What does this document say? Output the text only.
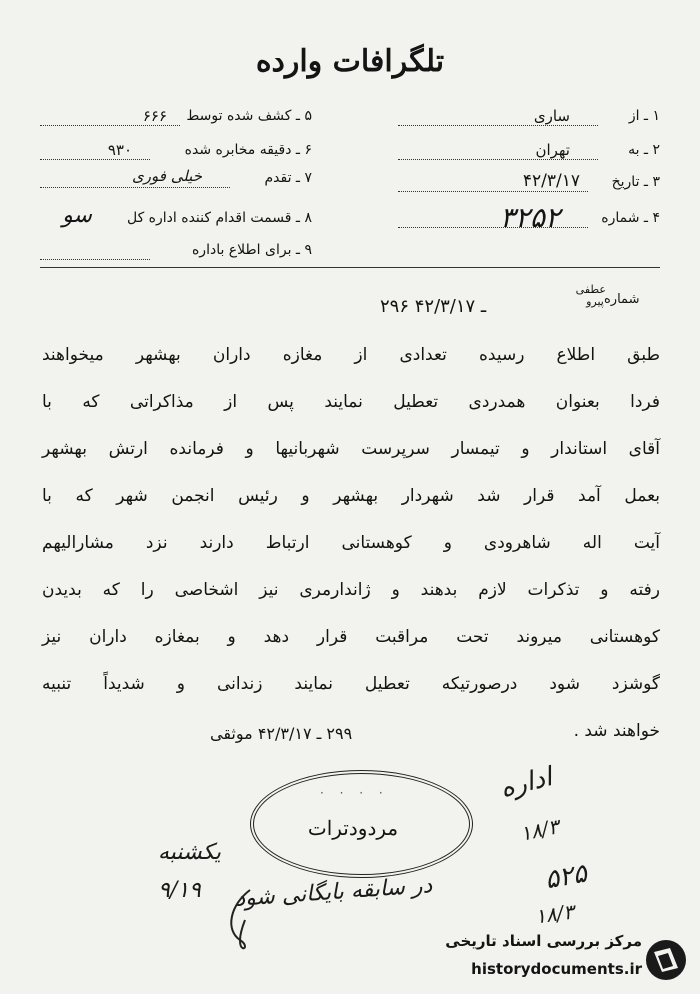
تلگرافات وارده
۱ ـ از
ساری
۲ ـ به
تهران
۳ ـ تاریخ
۴۲/۳/۱۷
۴ ـ شماره
۳۲۵۲
۵ ـ کشف شده توسط
۶۶۶
۶ ـ دقیقه مخابره شده
۹۳۰
۷ ـ تقدم
خیلی فوری
۸ ـ قسمت اقدام کننده اداره کل
سو
۹ ـ برای اطلاع باداره
شماره
عطفی پیرو
۲۹۶ ـ ۴۲/۳/۱۷
طبق اطلاع رسیده تعدادی از مغازه داران بهشهر میخواهند
فردا بعنوان همدردی تعطیل نمایند پس از مذاکراتی که با
آقای استاندار و تیمسار سرپرست شهربانیها و فرمانده ارتش بهشهر
بعمل آمد قرار شد شهردار بهشهر و رئیس انجمن شهر که با
آیت اله شاهرودی و کوهستانی ارتباط دارند نزد مشارالیهم
رفته و تذکرات لازم بدهند و ژاندارمری نیز اشخاصی را که بدیدن
کوهستانی میروند تحت مراقبت قرار دهد و بمغازه داران نیز
گوشزد شود درصورتیکه تعطیل نمایند زندانی و شدیداً تنبیه
خواهند شد .
۲۹۹ ـ ۴۲/۳/۱۷ موثقی
· · · ·
مردودترات
اداره
۱۸/۳
۵۲۵
۱۸/۳
یکشنبه
۹/۱۹ در سابقه بایگانی شود
مرکز بررسی اسناد تاریخی
historydocuments.ir
